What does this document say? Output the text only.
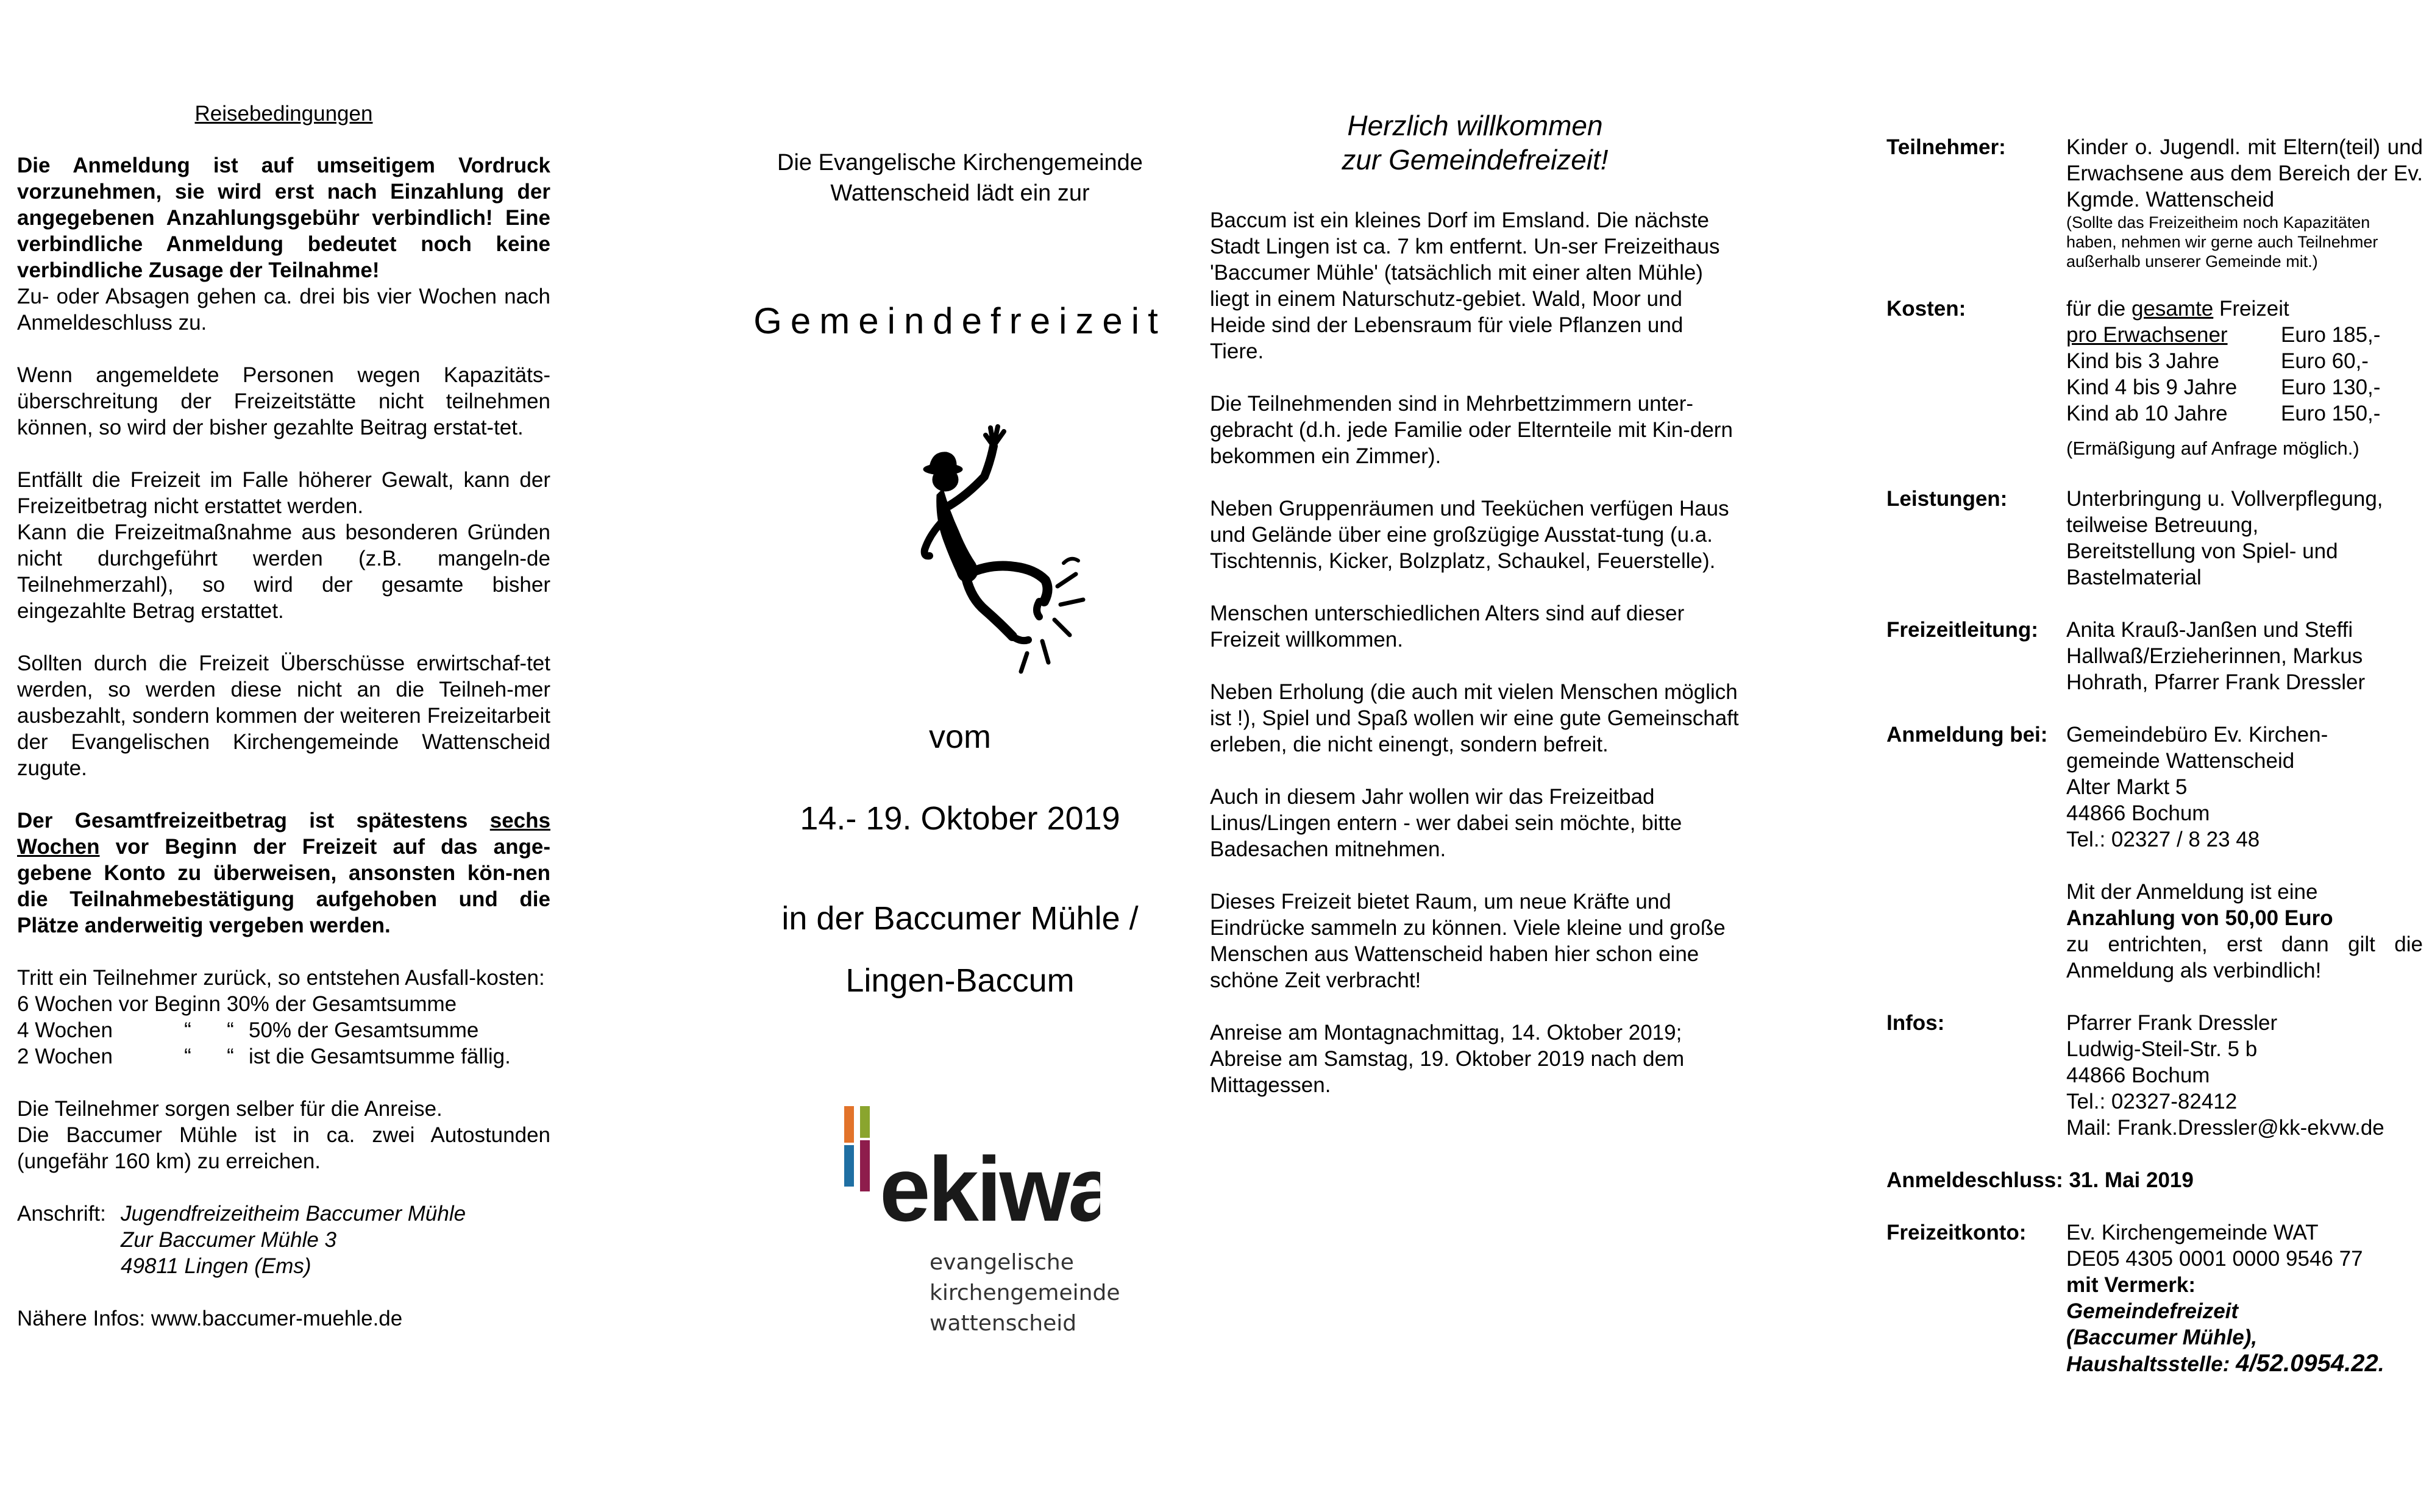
Reisebedingungen

Die Anmeldung ist auf umseitigem Vordruck vorzunehmen, sie wird erst nach Einzahlung der angegebenen Anzahlungsgebühr verbindlich! Eine verbindliche Anmeldung bedeutet noch keine verbindliche Zusage der Teilnahme!
Zu- oder Absagen gehen ca. drei bis vier Wochen nach Anmeldeschluss zu.

Wenn angemeldete Personen wegen Kapazitäts-überschreitung der Freizeitstätte nicht teilnehmen können, so wird der bisher gezahlte Beitrag erstat-tet.

Entfällt die Freizeit im Falle höherer Gewalt, kann der Freizeitbetrag nicht erstattet werden.

Kann die Freizeitmaßnahme aus besonderen Gründen nicht durchgeführt werden (z.B. mangeln-de Teilnehmerzahl), so wird der gesamte bisher eingezahlte Betrag erstattet.

Sollten durch die Freizeit Überschüsse erwirtschaf-tet werden, so werden diese nicht an die Teilneh-mer ausbezahlt, sondern kommen der weiteren Freizeitarbeit der Evangelischen Kirchengemeinde Wattenscheid zugute.

Der Gesamtfreizeitbetrag ist spätestens sechs Wochen vor Beginn der Freizeit auf das ange-gebene Konto zu überweisen, ansonsten kön-nen die Teilnahmebestätigung aufgehoben und die Plätze anderweitig vergeben werden.

Tritt ein Teilnehmer zurück, so entstehen Ausfall-kosten:

6 Wochen vor Beginn 30% der Gesamtsumme
4 Wochen	“	“ 50% der Gesamtsumme
2 Wochen	“	“ ist die Gesamtsumme fällig.

Die Teilnehmer sorgen selber für die Anreise.

Die Baccumer Mühle ist in ca. zwei Autostunden (ungefähr 160 km) zu erreichen.

Anschrift: Jugendfreizeitheim Baccumer Mühle
Zur Baccumer Mühle 3
49811 Lingen (Ems)

Nähere Infos: www.baccumer-muehle.de

Die Evangelische Kirchengemeinde
Wattenscheid lädt ein zur
Gemeindefreizeit
vom
14.- 19. Oktober 2019
in der Baccumer Mühle /
Lingen-Baccum
ekiwa
evangelische
kirchengemeinde
wattenscheid
Herzlich willkommen
zur Gemeindefreizeit!

Baccum ist ein kleines Dorf im Emsland. Die nächste Stadt Lingen ist ca. 7 km entfernt. Un-ser Freizeithaus 'Baccumer Mühle' (tatsächlich mit einer alten Mühle) liegt in einem Naturschutz-gebiet. Wald, Moor und Heide sind der Lebensraum für viele Pflanzen und Tiere.

Die Teilnehmenden sind in Mehrbettzimmern unter-gebracht (d.h. jede Familie oder Elternteile mit Kin-dern bekommen ein Zimmer).

Neben Gruppenräumen und Teeküchen verfügen Haus und Gelände über eine großzügige Ausstat-tung (u.a. Tischtennis, Kicker, Bolzplatz, Schaukel, Feuerstelle).

Menschen unterschiedlichen Alters sind auf dieser Freizeit willkommen.

Neben Erholung (die auch mit vielen Menschen möglich ist !), Spiel und Spaß wollen wir eine gute Gemeinschaft erleben, die nicht einengt, sondern befreit.

Auch in diesem Jahr wollen wir das Freizeitbad Linus/Lingen entern - wer dabei sein möchte, bitte Badesachen mitnehmen.

Dieses Freizeit bietet Raum, um neue Kräfte und Eindrücke sammeln zu können. Viele kleine und große Menschen aus Wattenscheid haben hier schon eine schöne Zeit verbracht!

Anreise am Montagnachmittag, 14. Oktober 2019; Abreise am Samstag, 19. Oktober 2019 nach dem Mittagessen.

Teilnehmer:	Kinder o. Jugendl. mit Eltern(teil) und Erwachsene aus dem Bereich der Ev. Kgmde. Wattenscheid
(Sollte das Freizeitheim noch Kapazitäten haben, nehmen wir gerne auch Teilnehmer außerhalb unserer Gemeinde mit.)
Kosten:	für die gesamte Freizeit
pro Erwachsener	Euro 185,-
Kind bis 3 Jahre	Euro 60,-
Kind 4 bis 9 Jahre	Euro 130,-
Kind ab 10 Jahre	Euro 150,-
(Ermäßigung auf Anfrage möglich.)
Leistungen:	Unterbringung u. Vollverpflegung,
teilweise Betreuung,
Bereitstellung von Spiel- und
Bastelmaterial
Freizeitleitung:	Anita Krauß-Janßen und Steffi
Hallwaß/Erzieherinnen, Markus
Hohrath, Pfarrer Frank Dressler
Anmeldung bei: Gemeindebüro Ev. Kirchen-
gemeinde Wattenscheid
Alter Markt 5
44866 Bochum
Tel.: 02327 / 8 23 48
Mit der Anmeldung ist eine
Anzahlung von 50,00 Euro
zu entrichten, erst dann gilt die Anmeldung als verbindlich!
Infos:	Pfarrer Frank Dressler
Ludwig-Steil-Str. 5 b
44866 Bochum
Tel.: 02327-82412
Mail: Frank.Dressler@kk-ekvw.de
Anmeldeschluss: 31. Mai 2019
Freizeitkonto:	Ev. Kirchengemeinde WAT
DE05 4305 0001 0000 9546 77
mit Vermerk:
Gemeindefreizeit
(Baccumer Mühle),
Haushaltsstelle: 4/52.0954.22.
